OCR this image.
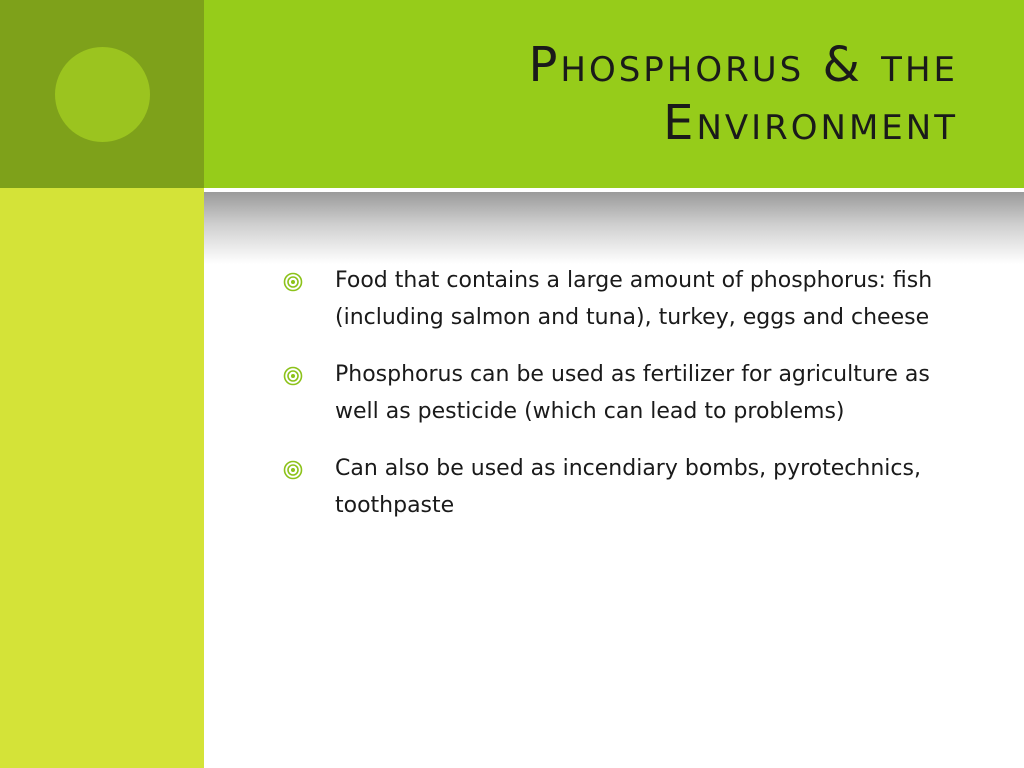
Phosphorus & the Environment
Food that contains a large amount of phosphorus: fish (including salmon and tuna), turkey, eggs and cheese
Phosphorus can be used as fertilizer for agriculture as well as pesticide (which can lead to problems)
Can also be used as incendiary bombs, pyrotechnics, toothpaste
